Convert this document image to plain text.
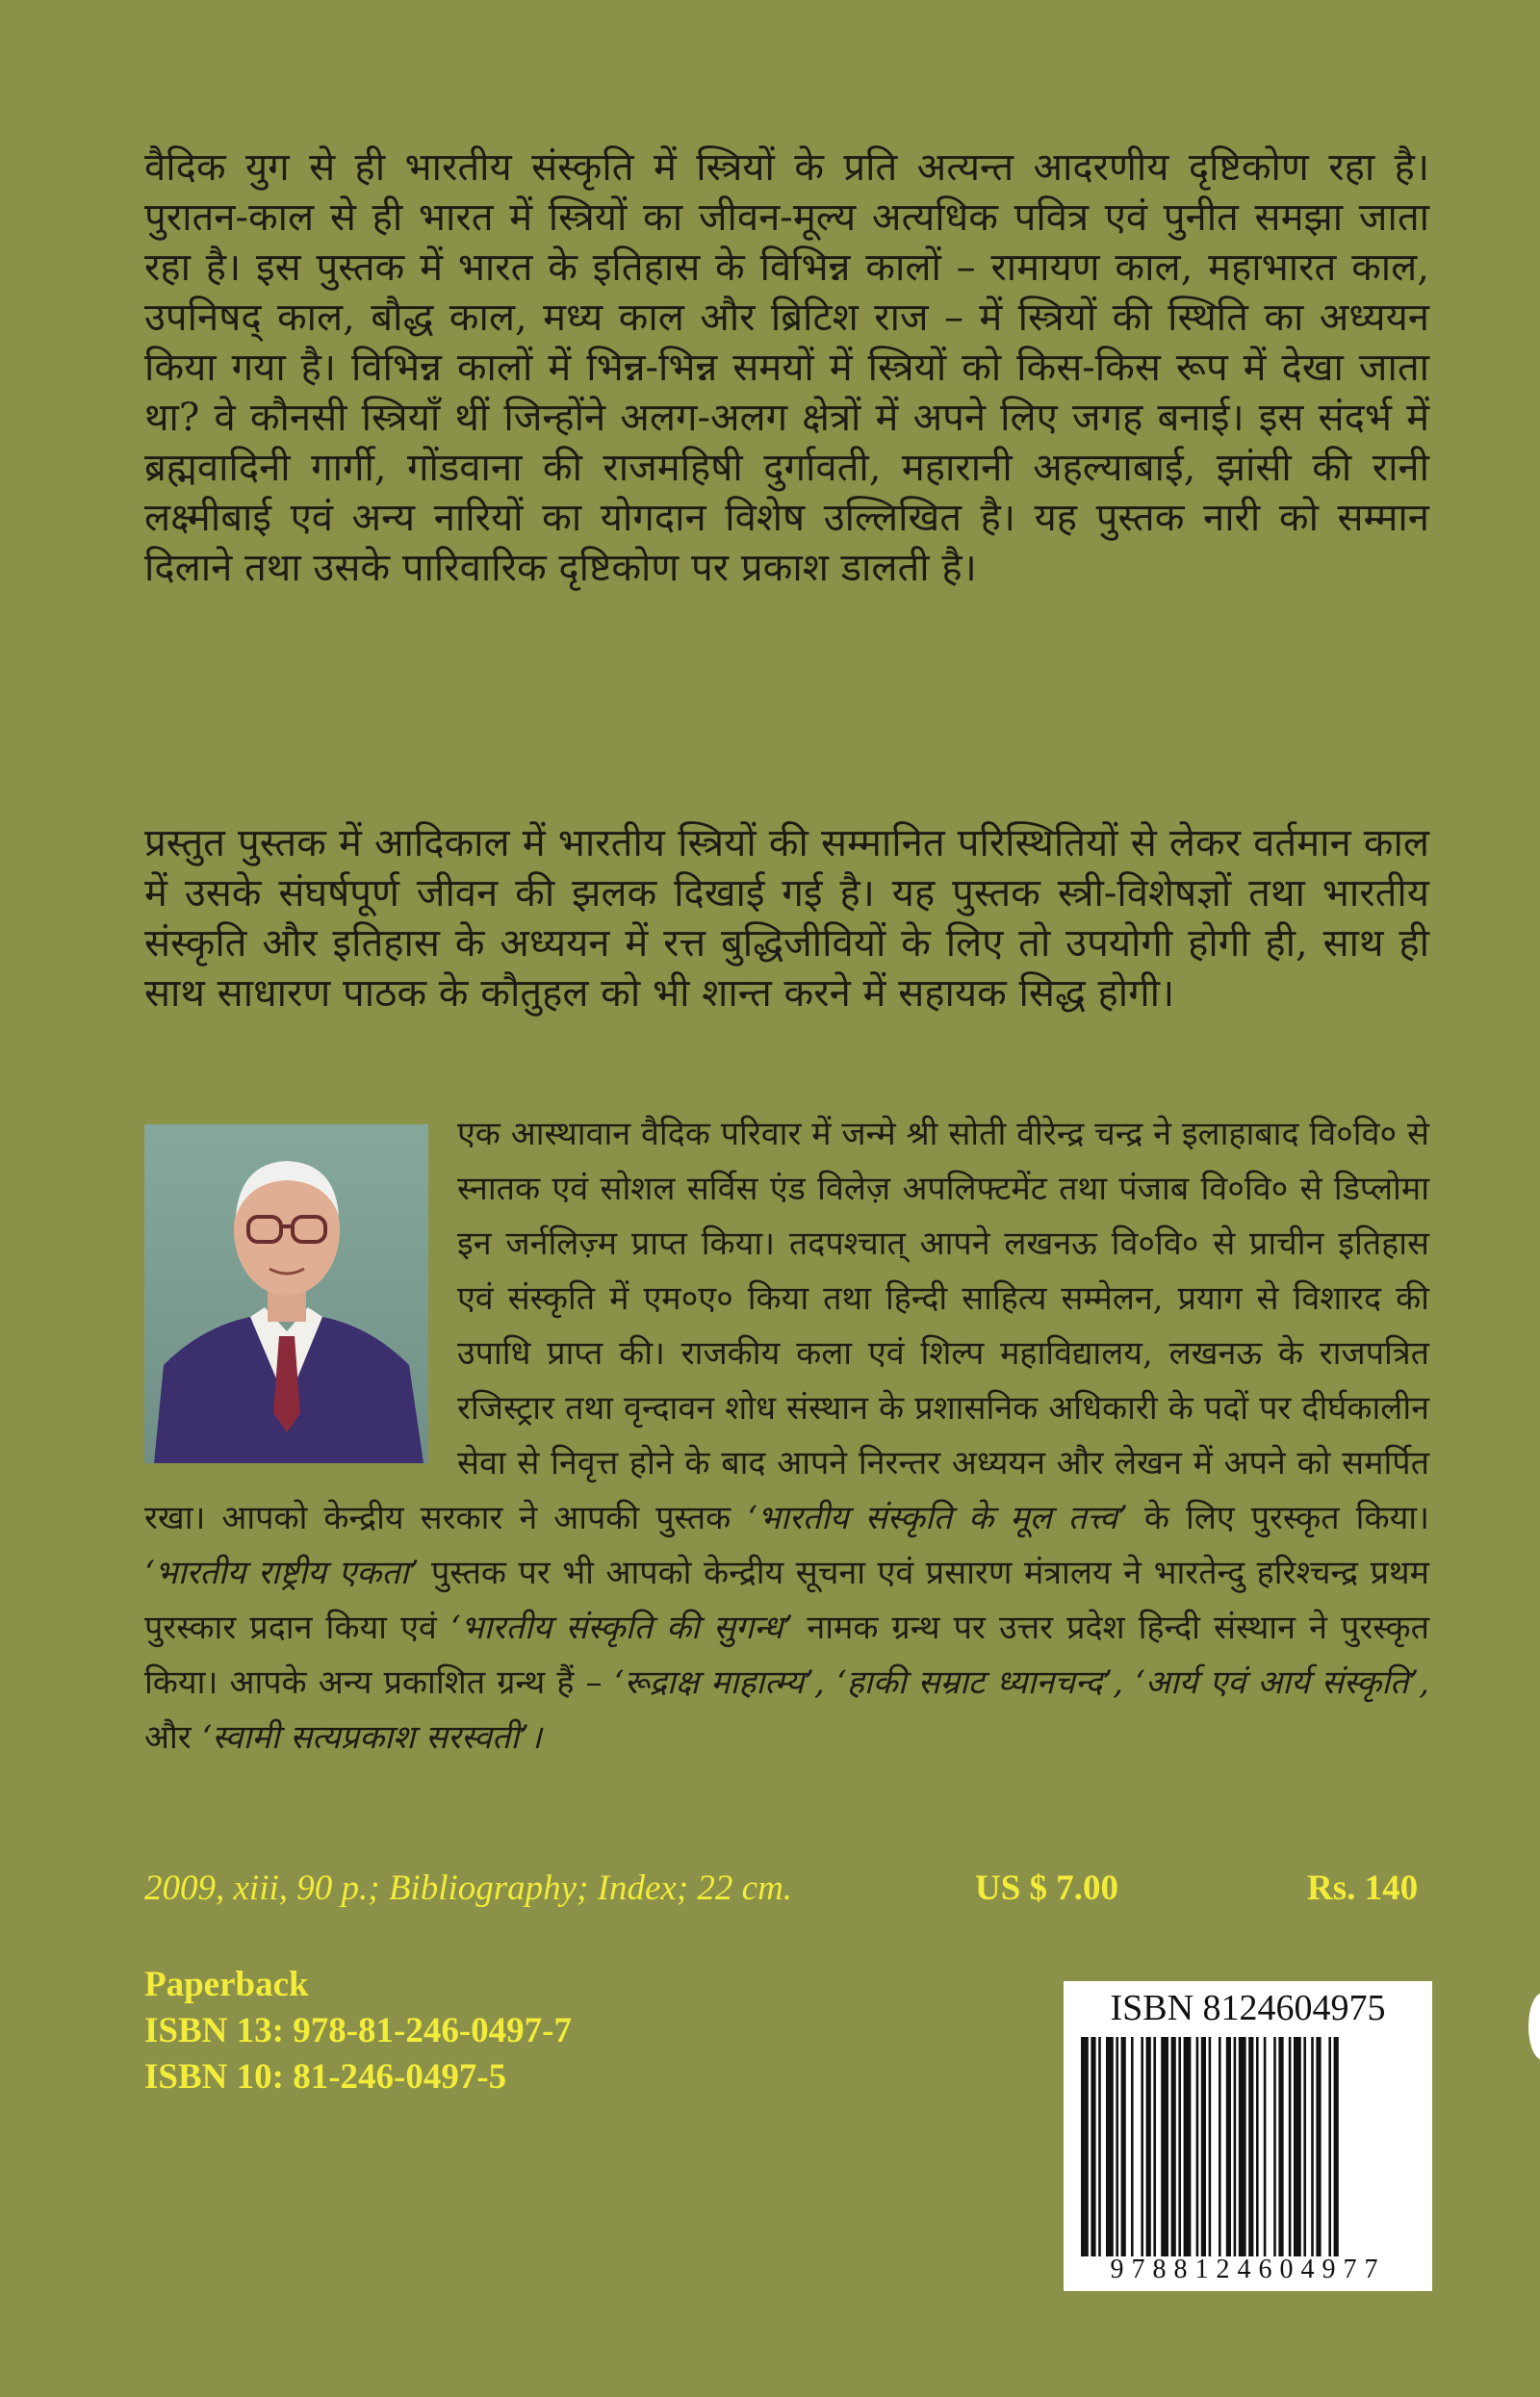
वैदिक युग से ही भारतीय संस्कृति में स्त्रियों के प्रति अत्यन्त आदरणीय दृष्टिकोण रहा है। पुरातन-काल से ही भारत में स्त्रियों का जीवन-मूल्य अत्यधिक पवित्र एवं पुनीत समझा जाता रहा है। इस पुस्तक में भारत के इतिहास के विभिन्न कालों – रामायण काल, महाभारत काल, उपनिषद् काल, बौद्ध काल, मध्य काल और ब्रिटिश राज – में स्त्रियों की स्थिति का अध्ययन किया गया है। विभिन्न कालों में भिन्न-भिन्न समयों में स्त्रियों को किस-किस रूप में देखा जाता था? वे कौनसी स्त्रियाँ थीं जिन्होंने अलग-अलग क्षेत्रों में अपने लिए जगह बनाई। इस संदर्भ में ब्रह्मवादिनी गार्गी, गोंडवाना की राजमहिषी दुर्गावती, महारानी अहल्याबाई, झांसी की रानी लक्ष्मीबाई एवं अन्य नारियों का योगदान विशेष उल्लिखित है। यह पुस्तक नारी को सम्मान दिलाने तथा उसके पारिवारिक दृष्टिकोण पर प्रकाश डालती है।

प्रस्तुत पुस्तक में आदिकाल में भारतीय स्त्रियों की सम्मानित परिस्थितियों से लेकर वर्तमान काल में उसके संघर्षपूर्ण जीवन की झलक दिखाई गई है। यह पुस्तक स्त्री-विशेषज्ञों तथा भारतीय संस्कृति और इतिहास के अध्ययन में रत्त बुद्धिजीवियों के लिए तो उपयोगी होगी ही, साथ ही साथ साधारण पाठक के कौतुहल को भी शान्त करने में सहायक सिद्ध होगी।

एक आस्थावान वैदिक परिवार में जन्मे श्री सोती वीरेन्द्र चन्द्र ने इलाहाबाद वि०वि० से स्नातक एवं सोशल सर्विस एंड विलेज़ अपलिफ्टमेंट तथा पंजाब वि०वि० से डिप्लोमा इन जर्नलिज़्म प्राप्त किया। तदपश्चात् आपने लखनऊ वि०वि० से प्राचीन इतिहास एवं संस्कृति में एम०ए० किया तथा हिन्दी साहित्य सम्मेलन, प्रयाग से विशारद की उपाधि प्राप्त की। राजकीय कला एवं शिल्प महाविद्यालय, लखनऊ के राजपत्रित रजिस्ट्रार तथा वृन्दावन शोध संस्थान के प्रशासनिक अधिकारी के पदों पर दीर्घकालीन सेवा से निवृत्त होने के बाद आपने निरन्तर अध्ययन और लेखन में अपने को समर्पित रखा। आपको केन्द्रीय सरकार ने आपकी पुस्तक ‘भारतीय संस्कृति के मूल तत्त्व’ के लिए पुरस्कृत किया। ‘भारतीय राष्ट्रीय एकता’ पुस्तक पर भी आपको केन्द्रीय सूचना एवं प्रसारण मंत्रालय ने भारतेन्दु हरिश्चन्द्र प्रथम पुरस्कार प्रदान किया एवं ‘भारतीय संस्कृति की सुगन्ध’ नामक ग्रन्थ पर उत्तर प्रदेश हिन्दी संस्थान ने पुरस्कृत किया। आपके अन्य प्रकाशित ग्रन्थ हैं – ‘रूद्राक्ष माहात्म्य’, ‘हाकी सम्राट ध्यानचन्द’, ‘आर्य एवं आर्य संस्कृति’, और ‘स्वामी सत्यप्रकाश सरस्वती’।

2009, xiii, 90 p.; Bibliography; Index; 22 cm.	US $ 7.00	Rs. 140
Paperback
ISBN 13: 978-81-246-0497-7
ISBN 10: 81-246-0497-5
ISBN 8124604975
9788124604977
